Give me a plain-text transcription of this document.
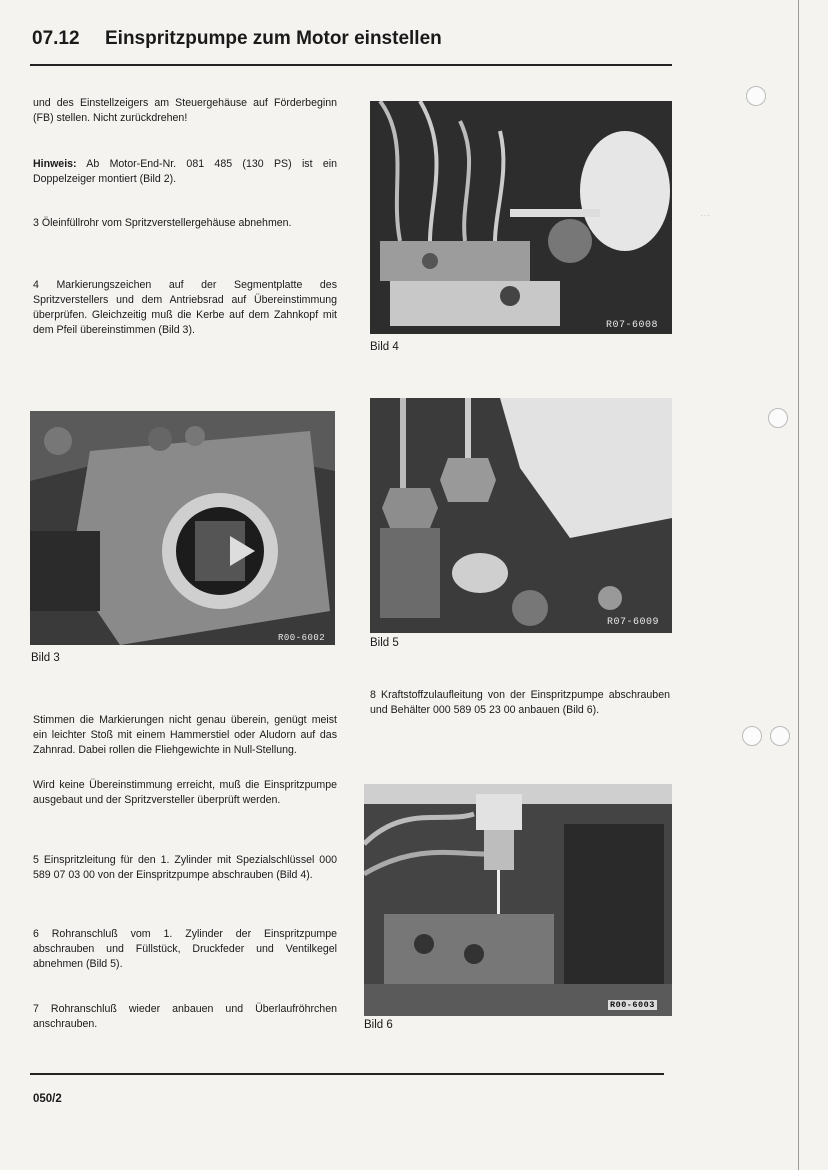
07.12 Einspritzpumpe zum Motor einstellen
···

und des Einstellzeigers am Steuergehäuse auf Förderbeginn (FB) stellen. Nicht zurückdrehen!

Hinweis: Ab Motor-End-Nr. 081 485 (130 PS) ist ein Doppelzeiger montiert (Bild 2).

3 Öleinfüllrohr vom Spritzverstellergehäuse abnehmen.

4 Markierungszeichen auf der Segmentplatte des Spritzverstellers und dem Antriebsrad auf Übereinstimmung überprüfen. Gleichzeitig muß die Kerbe auf dem Zahnkopf mit dem Pfeil übereinstimmen (Bild 3).

R00-6002
Bild 3

Stimmen die Markierungen nicht genau überein, genügt meist ein leichter Stoß mit einem Hammerstiel oder Aludorn auf das Zahnrad. Dabei rollen die Fliehgewichte in Null-Stellung.

Wird keine Übereinstimmung erreicht, muß die Einspritzpumpe ausgebaut und der Spritzversteller überprüft werden.

5 Einspritzleitung für den 1. Zylinder mit Spezialschlüssel 000 589 07 03 00 von der Einspritzpumpe abschrauben (Bild 4).

6 Rohranschluß vom 1. Zylinder der Einspritzpumpe abschrauben und Füllstück, Druckfeder und Ventilkegel abnehmen (Bild 5).

7 Rohranschluß wieder anbauen und Überlaufröhrchen anschrauben.

R07-6008
Bild 4
R07-6009
Bild 5

8 Kraftstoffzulaufleitung von der Einspritzpumpe abschrauben und Behälter 000 589 05 23 00 anbauen (Bild 6).

R00-6003
Bild 6
050/2
